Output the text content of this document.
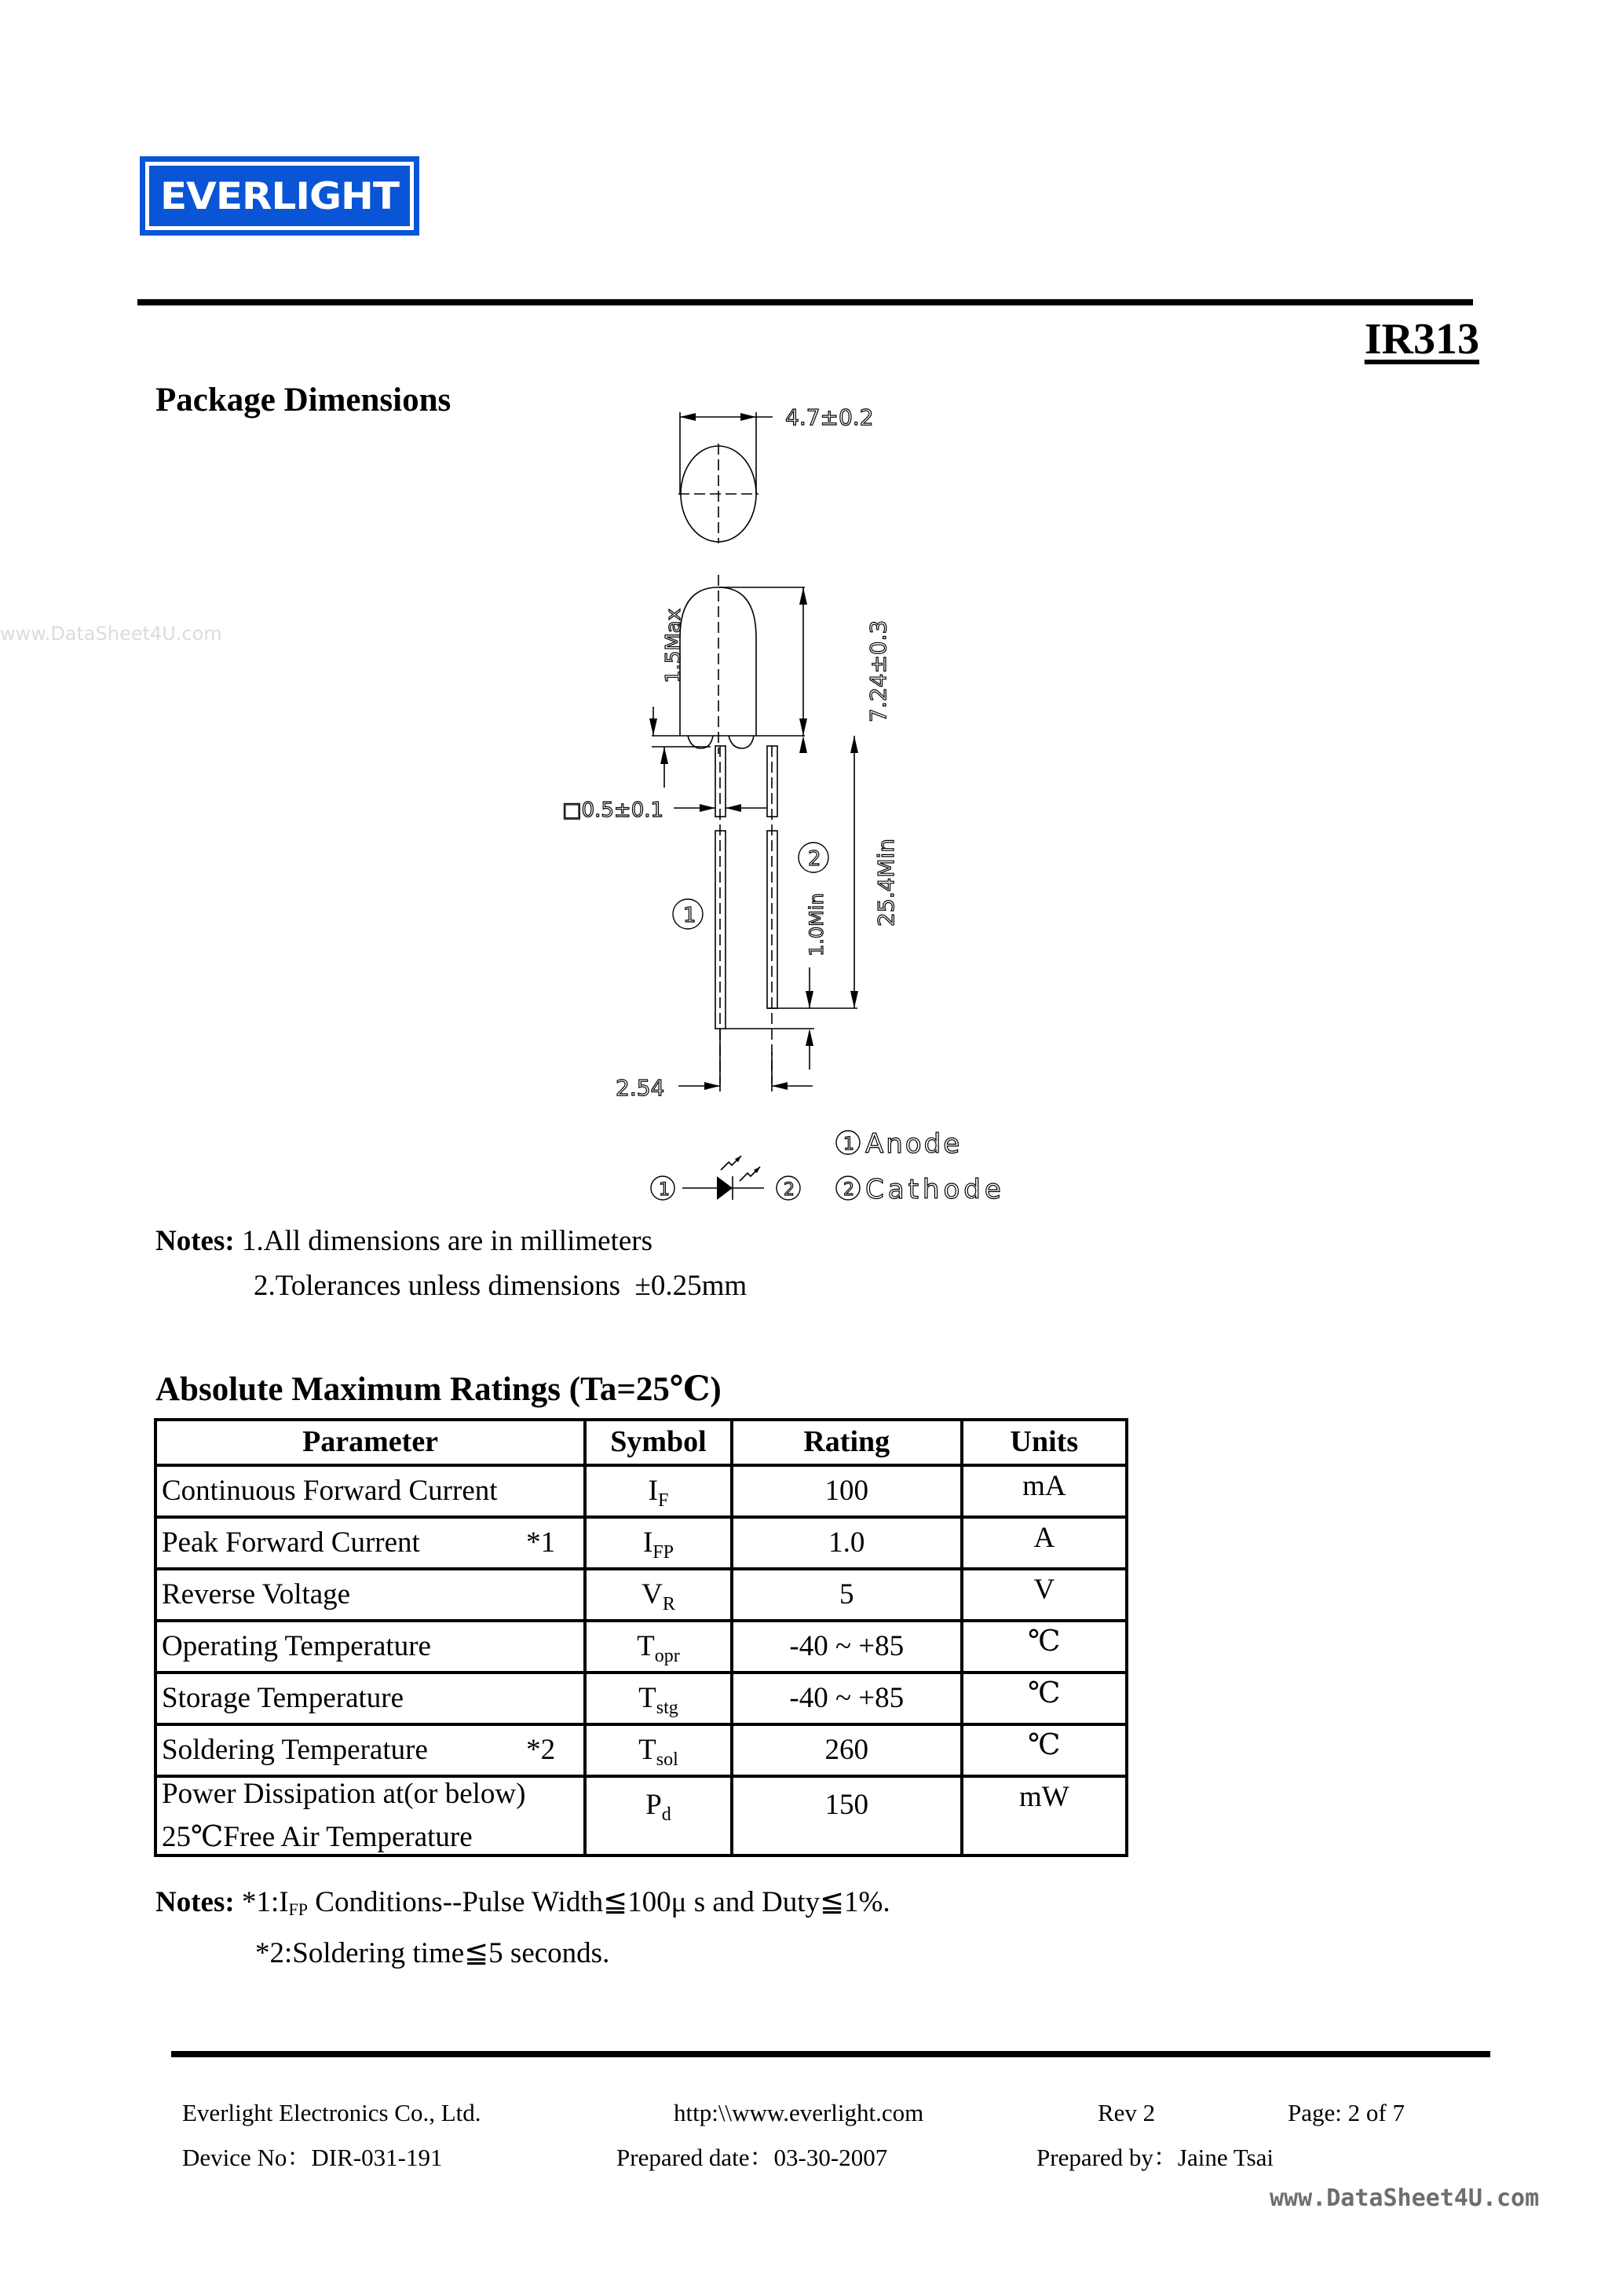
EVERLIGHT
IR313
Package Dimensions	4.7±0.2
1.5Max	7.24±0.3
□0.5±0.1
25.4Min
1.0Min
2.54
1
2
1	2
1
2
Anode
Cathode
Notes: 1.All dimensions are in millimeters
2.Tolerances unless dimensions  ±0.25mm
Absolute Maximum Ratings (Ta=25℃)
Parameter	Symbol	Rating	Units
Continuous Forward Current	$I_F$	100	mA

Peak Forward Current *1	$I_{FP}$	1.0	A
Reverse Voltage	$V_R$	5	V
Operating Temperature	$T_{opr}$	-40 ~ +85	℃
Storage Temperature	$T_{stg}$	-40 ~ +85	℃

Soldering Temperature *2	$T_{sol}$	260	℃

Power Dissipation at(or below)
25℃Free Air Temperature	$P_d$	150	mW
Notes: $*1:I_{FP}$ Conditions--Pulse Width≦100μ s and Duty≦1%.
*2:Soldering time≦5 seconds.
Everlight Electronics Co., Ltd.	http:\\www.everlight.com	Rev 2	Page: 2 of 7
Device No：DIR-031-191	Prepared date：03-30-2007	Prepared by：Jaine Tsai
www.DataSheet4U.com
www.DataSheet4U.com
